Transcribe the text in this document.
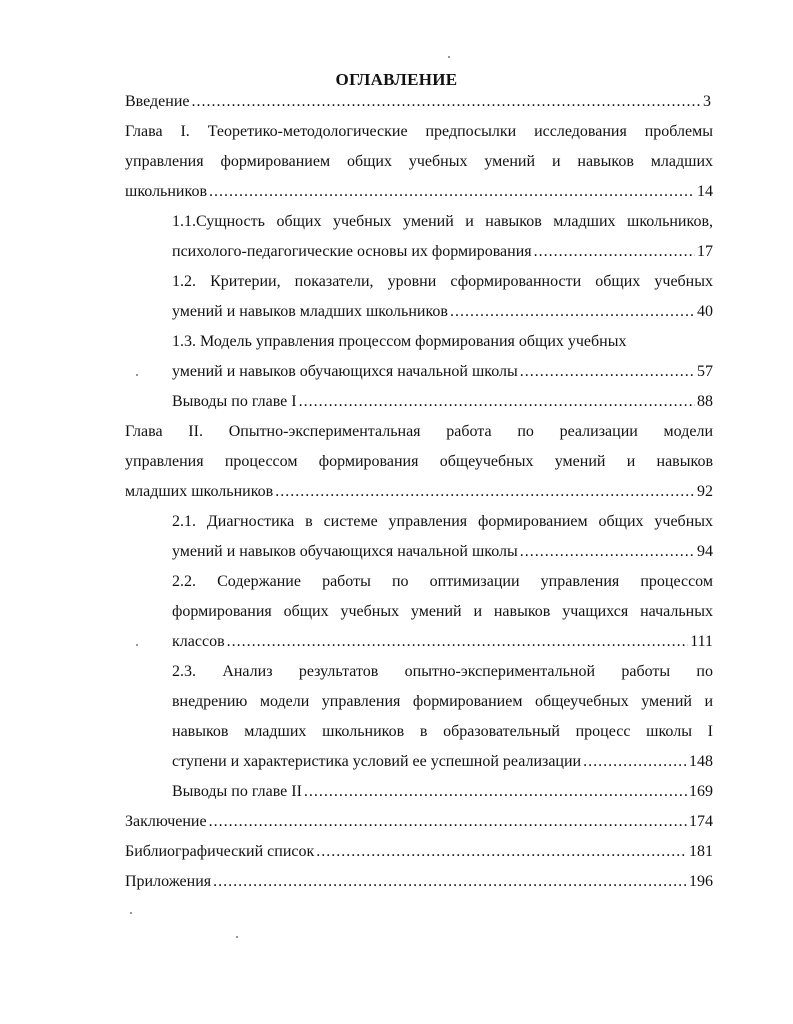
ОГЛАВЛЕНИЕ
Введение .....	3
Глава I. Теоретико-методологические предпосылки исследования проблемы
управления формированием общих учебных умений и навыков младших
школьников .....	14
1.1.Сущность общих учебных умений и навыков младших школьников,
психолого-педагогические основы их формирования .....	17
1.2. Критерии, показатели, уровни сформированности общих учебных
умений и навыков младших школьников .....	40
1.3. Модель управления процессом формирования общих учебных
умений и навыков обучающихся начальной школы .....	57
Выводы по главе I .....	88
Глава II. Опытно-экспериментальная работа по реализации модели
управления процессом формирования общеучебных умений и навыков
младших школьников .....	92
2.1. Диагностика в системе управления формированием общих учебных
умений и навыков обучающихся начальной школы .....	94
2.2. Содержание работы по оптимизации управления процессом
формирования общих учебных умений и навыков учащихся начальных
классов .....	111
2.3. Анализ результатов опытно-экспериментальной работы по
внедрению модели управления формированием общеучебных умений и
навыков младших школьников в образовательный процесс школы I
ступени и характеристика условий ее успешной реализации .....	148
Выводы по главе II .....	169
Заключение .....	174
Библиографический список .....	181
Приложения .....	196
